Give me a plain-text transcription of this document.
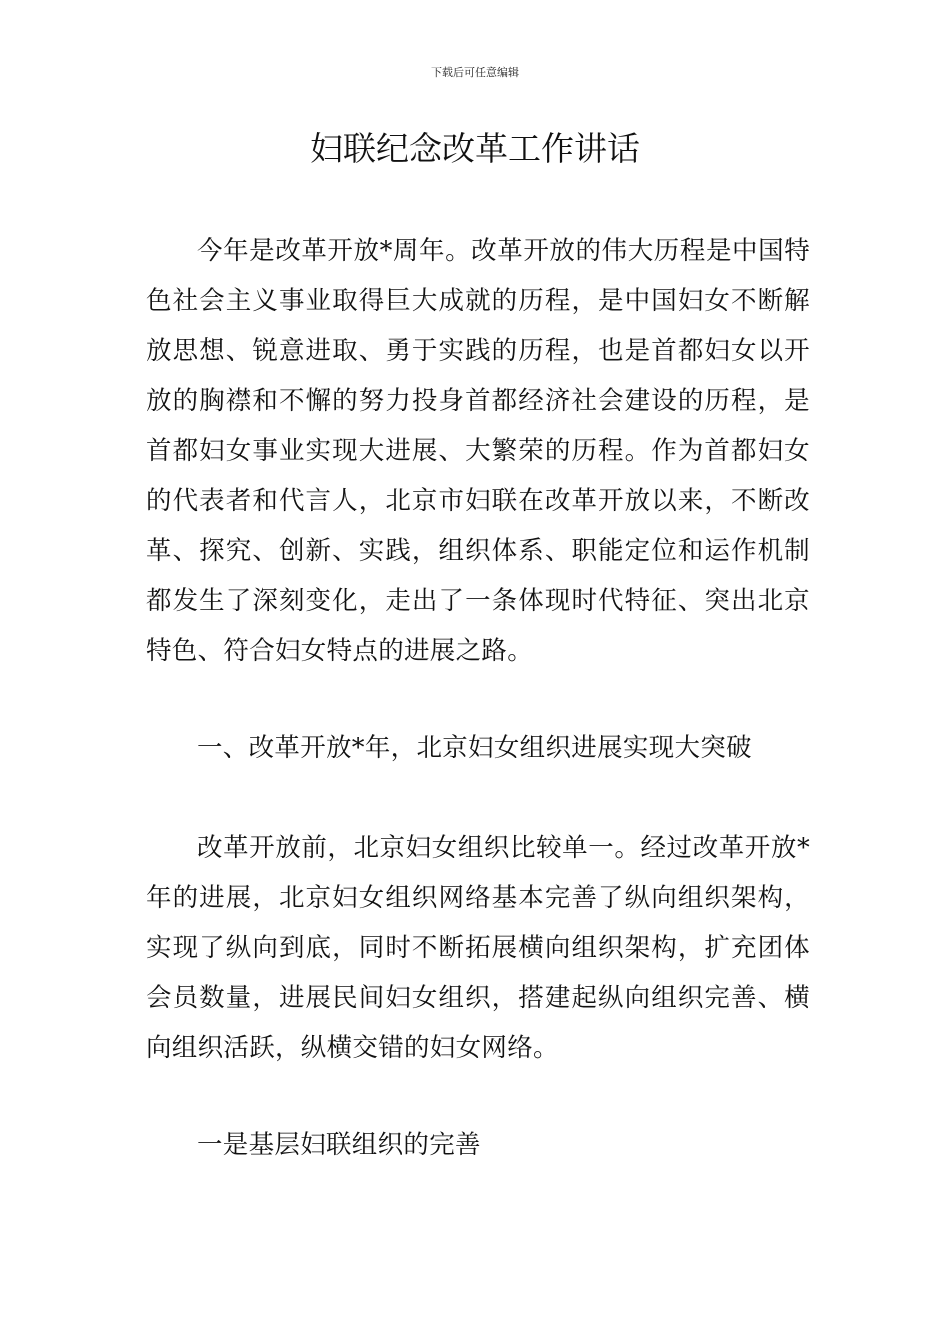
下载后可任意编辑
妇联纪念改革工作讲话

今年是改革开放*周年。改革开放的伟大历程是中国特色社会主义事业取得巨大成就的历程，是中国妇女不断解放思想、锐意进取、勇于实践的历程，也是首都妇女以开放的胸襟和不懈的努力投身首都经济社会建设的历程，是首都妇女事业实现大进展、大繁荣的历程。作为首都妇女的代表者和代言人，北京市妇联在改革开放以来，不断改革、探究、创新、实践，组织体系、职能定位和运作机制都发生了深刻变化，走出了一条体现时代特征、突出北京特色、符合妇女特点的进展之路。

一、改革开放*年，北京妇女组织进展实现大突破

改革开放前，北京妇女组织比较单一。经过改革开放*年的进展，北京妇女组织网络基本完善了纵向组织架构，实现了纵向到底，同时不断拓展横向组织架构，扩充团体会员数量，进展民间妇女组织，搭建起纵向组织完善、横向组织活跃，纵横交错的妇女网络。

一是基层妇联组织的完善
